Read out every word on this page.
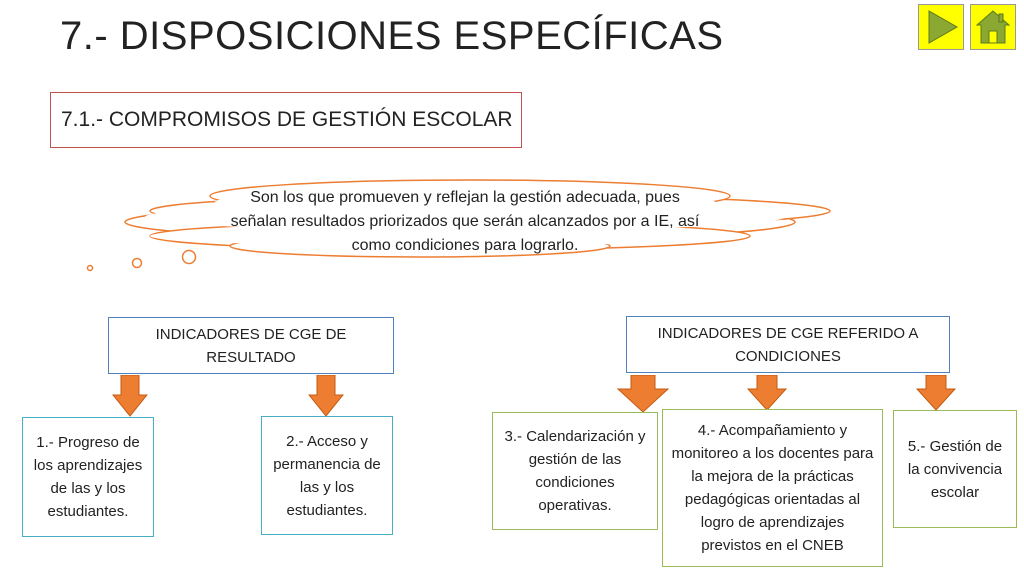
7.- DISPOSICIONES ESPECÍFICAS
7.1.- COMPROMISOS DE GESTIÓN ESCOLAR
Son los que promueven y reflejan la gestión adecuada, pues señalan resultados priorizados que serán alcanzados por a IE, así como condiciones para lograrlo.
INDICADORES DE CGE DE RESULTADO
INDICADORES DE CGE REFERIDO A CONDICIONES
1.- Progreso de los aprendizajes de las y los estudiantes.
2.- Acceso y permanencia de las y los estudiantes.
3.- Calendarización y gestión de las condiciones operativas.
4.- Acompañamiento y monitoreo a los docentes para la mejora de la prácticas pedagógicas orientadas al logro de aprendizajes previstos en el CNEB
5.- Gestión de la convivencia escolar
